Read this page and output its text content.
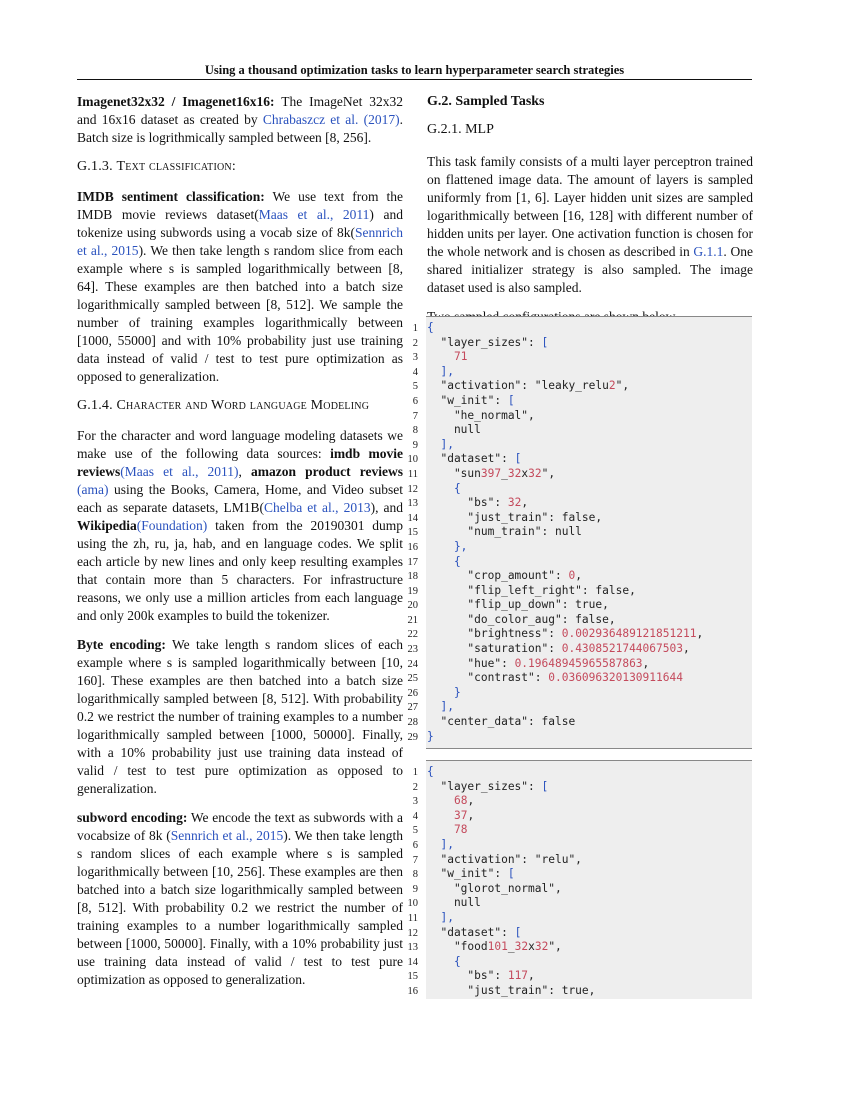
Using a thousand optimization tasks to learn hyperparameter search strategies

Imagenet32x32 / Imagenet16x16: The ImageNet 32x32 and 16x16 dataset as created by Chrabaszcz et al. (2017). Batch size is logrithmically sampled between [8, 256].

G.1.3. Text classification:

IMDB sentiment classification: We use text from the IMDB movie reviews dataset(Maas et al., 2011) and tokenize using subwords using a vocab size of 8k(Sennrich et al., 2015). We then take length s random slice from each example where s is sampled logarithmically between [8, 64]. These examples are then batched into a batch size logarithmically sampled between [8, 512]. We sample the number of training examples logarithmically between [1000, 55000] and with 10% probability just use training data instead of valid / test to test pure optimization as opposed to generalization.

G.1.4. Character and Word language Modeling

For the character and word language modeling datasets we make use of the following data sources: imdb movie reviews(Maas et al., 2011), amazon product reviews (ama) using the Books, Camera, Home, and Video subset each as separate datasets, LM1B(Chelba et al., 2013), and Wikipedia(Foundation) taken from the 20190301 dump using the zh, ru, ja, hab, and en language codes. We split each article by new lines and only keep resulting examples that contain more than 5 characters. For infrastructure reasons, we only use a million articles from each language and only 200k examples to build the tokenizer.

Byte encoding: We take length s random slices of each example where s is sampled logarithmically between [10, 160]. These examples are then batched into a batch size logarithmically sampled between [8, 512]. With probability 0.2 we restrict the number of training examples to a number logarithmically sampled between [1000, 50000]. Finally, with a 10% probability just use training data instead of valid / test to test pure optimization as opposed to generalization.

subword encoding: We encode the text as subwords with a vocabsize of 8k (Sennrich et al., 2015). We then take length s random slices of each example where s is sampled logarithmically between [10, 256]. These examples are then batched into a batch size logarithmically sampled between [8, 512]. With probability 0.2 we restrict the number of training examples to a number logarithmically sampled between [1000, 50000]. Finally, with a 10% probability just use training data instead of valid / test to test pure optimization as opposed to generalization.

G.2. Sampled Tasks
G.2.1. MLP

This task family consists of a multi layer perceptron trained on flattened image data. The amount of layers is sampled uniformly from [1, 6]. Layer hidden unit sizes are sampled logarithmically between [16, 128] with different number of hidden units per layer. One activation function is chosen for the whole network and is chosen as described in G.1.1. One shared initializer strategy is also sampled. The image dataset used is also sampled.

1
2
3
4
5
6
7
8
9
10
11
12
13
14
15
16
17
18
19
20
21
22
23
24
25
26
27
28
29
{
"layer_sizes": [
71
],
"activation": "leaky_relu2",
"w_init": [
"he_normal",
null
],
"dataset": [
"sun397_32x32",
{
"bs": 32,
"just_train": false,
"num_train": null
},
{
"crop_amount": 0,
"flip_left_right": false,
"flip_up_down": true,
"do_color_aug": false,
"brightness": 0.002936489121851211,
"saturation": 0.4308521744067503,
"hue": 0.19648945965587863,
"contrast": 0.036096320130911644
}
],
"center_data": false
}
1
2
3
4
5
6
7
8
9
10
11
12
13
14
15
16
{
"layer_sizes": [
68,
37,
78
],
"activation": "relu",
"w_init": [
"glorot_normal",
null
],
"dataset": [
"food101_32x32",
{
"bs": 117,
"just_train": true,
